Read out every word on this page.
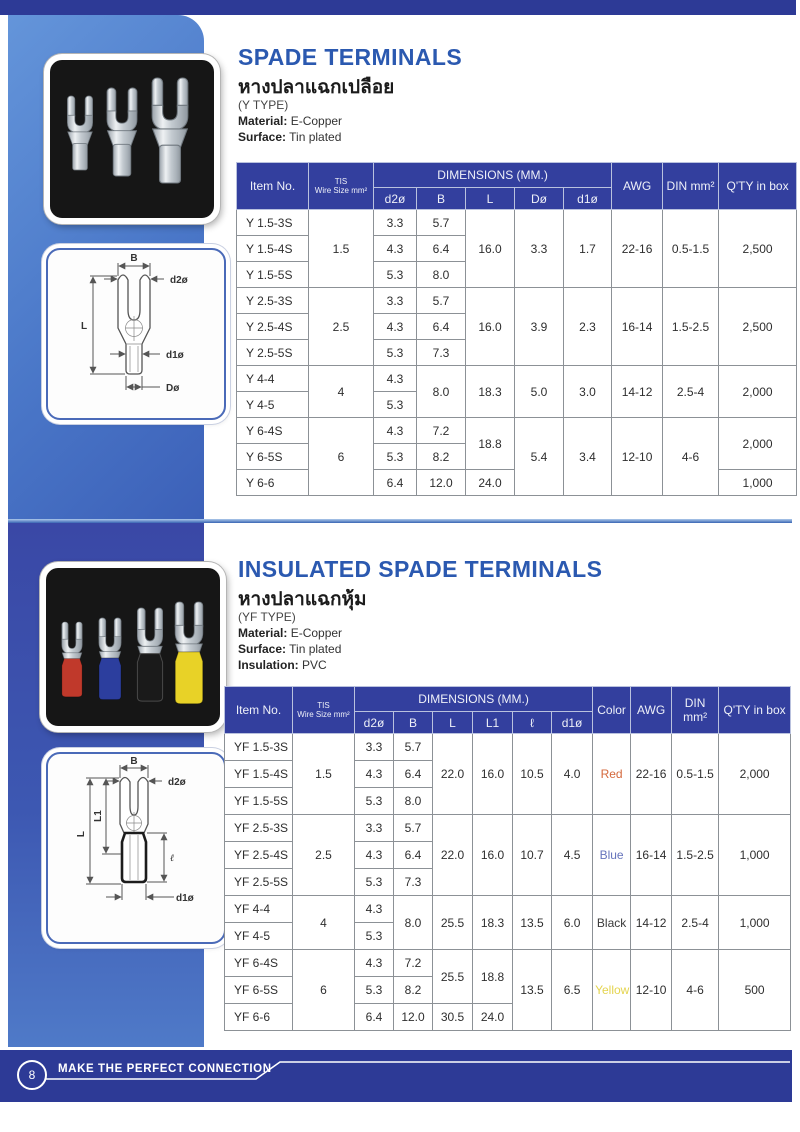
SPADE TERMINALS
หางปลาแฉกเปลือย
(Y TYPE)
Material: E-Copper
Surface: Tin plated
B
d2ø
L
d1ø
Dø
Item No.	TIS
Wire Size mm²	DIMENSIONS (MM.)					AWG	DIN mm²	Q'TY in box
		d2ø	B	L	Dø	d1ø			
Y 1.5-3S	1.5	3.3	5.7	16.0	3.3	1.7	22-16	0.5-1.5	2,500
Y 1.5-4S		4.3	6.4						
Y 1.5-5S		5.3	8.0						
Y 2.5-3S	2.5	3.3	5.7	16.0	3.9	2.3	16-14	1.5-2.5	2,500
Y 2.5-4S		4.3	6.4						
Y 2.5-5S		5.3	7.3						
Y 4-4	4	4.3	8.0	18.3	5.0	3.0	14-12	2.5-4	2,000
Y 4-5		5.3							
Y 6-4S	6	4.3	7.2	18.8	5.4	3.4	12-10	4-6	2,000
Y 6-5S		5.3	8.2						
Y 6-6		6.4	12.0	24.0					1,000
INSULATED SPADE TERMINALS
หางปลาแฉกหุ้ม
(YF TYPE)
Material: E-Copper
Surface: Tin plated
Insulation: PVC
B
d2ø
L
L1
ℓ
d1ø
Item No.	TIS
Wire Size mm²	DIMENSIONS (MM.)						Color	AWG	DIN mm²	Q'TY in box
		d2ø	B	L	L1	ℓ	d1ø				
YF 1.5-3S	1.5	3.3	5.7	22.0	16.0	10.5	4.0	Red	22-16	0.5-1.5	2,000
YF 1.5-4S		4.3	6.4								
YF 1.5-5S		5.3	8.0								
YF 2.5-3S	2.5	3.3	5.7	22.0	16.0	10.7	4.5	Blue	16-14	1.5-2.5	1,000
YF 2.5-4S		4.3	6.4								
YF 2.5-5S		5.3	7.3								
YF 4-4	4	4.3	8.0	25.5	18.3	13.5	6.0	Black	14-12	2.5-4	1,000
YF 4-5		5.3									
YF 6-4S	6	4.3	7.2	25.5	18.8	13.5	6.5	Yellow	12-10	4-6	500
YF 6-5S		5.3	8.2								
YF 6-6		6.4	12.0	30.5	24.0						
8 MAKE THE PERFECT CONNECTION
